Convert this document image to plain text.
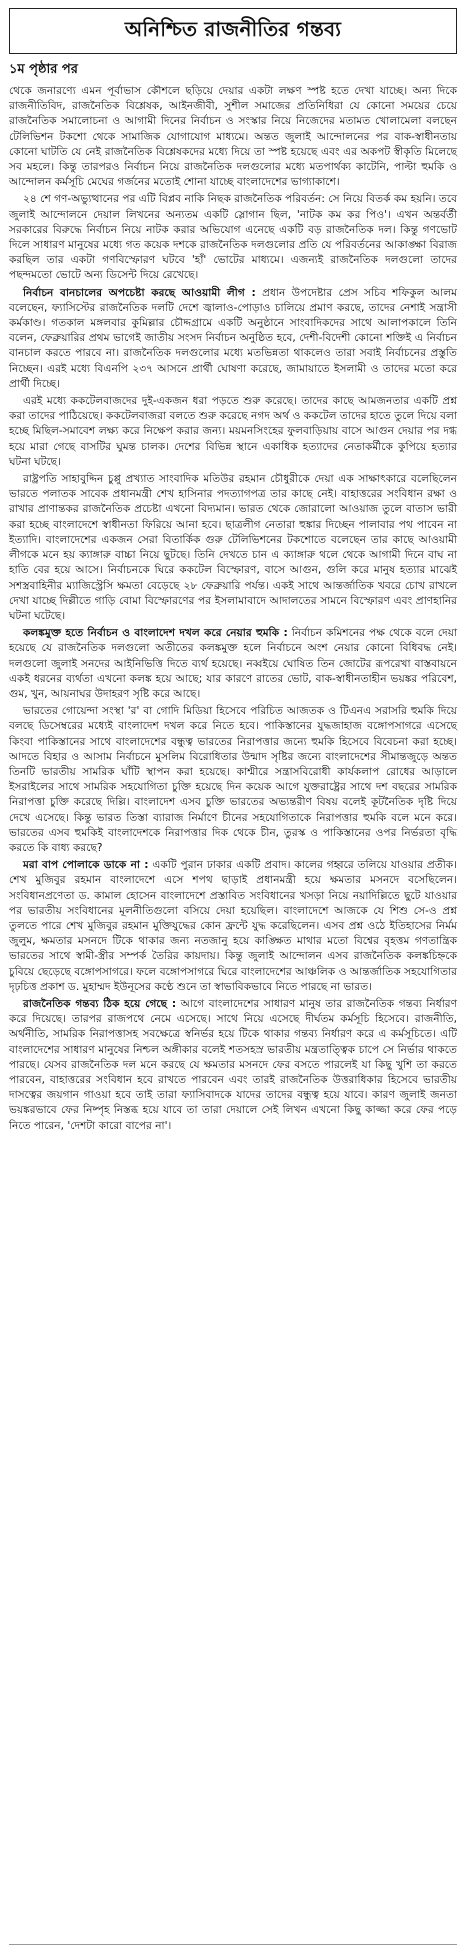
অনিশ্চিত রাজনীতির গন্তব্য
১ম পৃষ্ঠার পর

থেকে জনারণ্যে এমন পূর্বাভাস কৌশলে ছড়িয়ে দেয়ার একটা লক্ষণ স্পষ্ট হতে দেখা যাচ্ছে। অন্য দিকে রাজনীতিবিদ, রাজনৈতিক বিশ্লেষক, আইনজীবী, সুশীল সমাজের প্রতিনিধিরা যে কোনো সময়ের চেয়ে রাজনৈতিক সমালোচনা ও আগামী দিনের নির্বাচন ও সংস্কার নিয়ে নিজেদের মতামত খোলামেলা বলছেন টেলিভিশন টকশো থেকে সামাজিক যোগাযোগ মাধ্যমে। অন্তত জুলাই আন্দোলনের পর বাক-স্বাধীনতায় কোনো ঘাটতি যে নেই রাজনৈতিক বিশ্লেষকদের মধ্যে দিয়ে তা স্পষ্ট হয়েছে এবং এর অকপট স্বীকৃতি মিলেছে সব মহলে। কিন্তু তারপরও নির্বাচন নিয়ে রাজনৈতিক দলগুলোর মধ্যে মতপার্থক্য কাটেনি, পাল্টা হুমকি ও আন্দোলন কর্মসূচি মেঘের গর্জনের মতোই শোনা যাচ্ছে বাংলাদেশের ভাগ্যাকাশে।

২৪ শে গণ-অভ্যুত্থানের পর এটি বিপ্লব নাকি নিছক রাজনৈতিক পরিবর্তন: সে নিয়ে বিতর্ক কম হয়নি। তবে জুলাই আন্দোলনে দেয়াল লিখনের অন্যতম একটি স্লোগান ছিল, 'নাটক কম কর পিও'। এখন অন্তর্বর্তী সরকারের বিরুদ্ধে নির্বাচন নিয়ে নাটক করার অভিযোগ এনেছে একটি বড় রাজনৈতিক দল। কিন্তু গণভোট দিলে সাধারণ মানুষের মধ্যে গত কয়েক দশকে রাজনৈতিক দলগুলোর প্রতি যে পরিবর্তনের আকাঙ্ক্ষা বিরাজ করছিল তার একটা গণবিস্ফোরণ ঘটবে 'হাঁ' ভোটের মাধ্যমে। এজন্যই রাজনৈতিক দলগুলো তাদের পছন্দমতো ভোটে অন্য ডিসেন্ট দিয়ে রেখেছে।

নির্বাচন বানচালের অপচেষ্টা করছে আওয়ামী লীগ : প্রধান উপদেষ্টার প্রেস সচিব শফিকুল আলম বলেছেন, ফ্যাসিস্টের রাজনৈতিক দলটি দেশে জ্বালাও-পোড়াও চালিয়ে প্রমাণ করছে, তাদের নেশাই সন্ত্রাসী কর্মকাণ্ড। গতকাল মঙ্গলবার কুমিল্লার চৌদ্দগ্রামে একটি অনুষ্ঠানে সাংবাদিকদের সাথে আলাপকালে তিনি বলেন, ফেব্রুয়ারির প্রথম ভাগেই জাতীয় সংসদ নির্বাচন অনুষ্ঠিত হবে, দেশী-বিদেশী কোনো শক্তিই এ নির্বাচন বানচাল করতে পারবে না। রাজনৈতিক দলগুলোর মধ্যে মতভিন্নতা থাকলেও তারা সবাই নির্বাচনের প্রস্তুতি নিচ্ছেন। এরই মধ্যে বিএনপি ২৩৭ আসনে প্রার্থী ঘোষণা করেছে, জামায়াতে ইসলামী ও তাদের মতো করে প্রার্থী দিচ্ছে।

এরই মধ্যে ককটেলবাজদের দুই-একজন ধরা পড়তে শুরু করেছে। তাদের কাছে আমজনতার একটি প্রশ্ন করা তাদের পাঠিয়েছে। ককটেলবাজরা বলতে শুরু করেছে নগদ অর্থ ও ককটেল তাদের হাতে তুলে দিয়ে বলা হচ্ছে মিছিল-সমাবেশ লক্ষ্য করে নিক্ষেপ করার জন্য। ময়মনসিংহের ফুলবাড়িয়ায় বাসে আগুন দেয়ার পর দগ্ধ হয়ে মারা গেছে বাসটির ঘুমন্ত চালক। দেশের বিভিন্ন স্থানে একাধিক হত্যাদের নেতাকর্মীকে কুপিয়ে হত্যার ঘটনা ঘটছে।

রাষ্ট্রপতি সাহাবুদ্দিন চুপ্পু প্রখ্যাত সাংবাদিক মতিউর রহমান চৌধুরীকে দেয়া এক সাক্ষাৎকারে বলেছিলেন ভারতে পলাতক সাবেক প্রধানমন্ত্রী শেখ হাসিনার পদত্যাগপত্র তার কাছে নেই। বাহাত্তরের সংবিধান রক্ষা ও রাখার প্রাণান্তকর রাজনৈতিক প্রচেষ্টা এখনো বিদ্যমান। ভারত থেকে জোরালো আওয়াজ তুলে বাতাস ভারী করা হচ্ছে বাংলাদেশে স্বাধীনতা ফিরিয়ে আনা হবে। ছাত্রলীগ নেতারা হুঙ্কার দিচ্ছেন পালাবার পথ পাবেন না ইত্যাদি। বাংলাদেশের একজন সেরা বিতার্কিক গুরু টেলিভিশনের টকশোতে বলেছেন তার কাছে আওয়ামী লীগকে মনে হয় ক্যাঙ্গারু বাচ্চা নিয়ে ছুটছে। তিনি দেখতে চান এ ক্যাঙ্গারু থলে থেকে আগামী দিনে বাঘ না হাতি বের হয়ে আসে। নির্বাচনকে ঘিরে ককটেল বিস্ফোরণ, বাসে আগুন, গুলি করে মানুষ হত্যার মাঝেই সশস্ত্রবাহিনীর ম্যাজিস্ট্রেসি ক্ষমতা বেড়েছে ২৮ ফেব্রুয়ারি পর্যন্ত। একই সাথে আন্তর্জাতিক খবরে চোখ রাখলে দেখা যাচ্ছে দিল্লীতে গাড়ি বোমা বিস্ফোরণের পর ইসলামাবাদে আদালতের সামনে বিস্ফোরণ এবং প্রাণহানির ঘটনা ঘটেছে।

কলঙ্কমুক্ত হতে নির্বাচন ও বাংলাদেশ দখল করে নেয়ার হুমকি : নির্বাচন কমিশনের পক্ষ থেকে বলে দেয়া হয়েছে যে রাজনৈতিক দলগুলো অতীতের কলঙ্কমুক্ত হলে নির্বাচনে অংশ নেয়ার কোনো বিধিবদ্ধ নেই। দলগুলো জুলাই সনদের আইনিভিত্তি দিতে ব্যর্থ হয়েছে। নব্বইয়ে ঘোষিত তিন জোটের রূপরেখা বাস্তবায়নে একই ধরনের ব্যর্থতা এখনো কলঙ্ক হয়ে আছে; যার কারণে রাতের ভোট, বাক-স্বাধীনতাহীন ভয়ঙ্কর পরিবেশ, গুম, খুন, আয়নাঘর উদাহরণ সৃষ্টি করে আছে।

ভারতের গোয়েন্দা সংস্থা 'র' বা গোদি মিডিয়া হিসেবে পরিচিত আজতক ও টিএনএ সরাসরি হুমকি দিয়ে বলছে ডিসেম্বরের মধ্যেই বাংলাদেশ দখল করে নিতে হবে। পাকিস্তানের যুদ্ধজাহাজ বঙ্গোপসাগরে এসেছে কিংবা পাকিস্তানের সাথে বাংলাদেশের বন্ধুত্ব ভারতের নিরাপত্তার জন্যে হুমকি হিসেবে বিবেচনা করা হচ্ছে। আদতে বিহার ও আসাম নির্বাচনে মুসলিম বিরোধিতার উন্মাদ সৃষ্টির জন্যে বাংলাদেশের সীমান্তজুড়ে অন্তত তিনটি ভারতীয় সামরিক ঘাঁটি স্থাপন করা হয়েছে। কাশ্মীরে সন্ত্রাসবিরোধী কার্যকলাপ রোধের আড়ালে ইসরাইলের সাথে সামরিক সহযোগিতা চুক্তি হয়েছে দিন কয়েক আগে যুক্তরাষ্ট্রের সাথে দশ বছরের সামরিক নিরাপত্তা চুক্তি করেছে দিল্লি। বাংলাদেশ এসব চুক্তি ভারতের অভ্যন্তরীণ বিষয় বলেই কূটনৈতিক দৃষ্টি দিয়ে দেখে এসেছে। কিন্তু ভারত তিস্তা ব্যারাজ নির্মাণে চীনের সহযোগিতাকে নিরাপত্তার হুমকি বলে মনে করে। ভারতের এসব হুমকিই বাংলাদেশকে নিরাপত্তার দিক থেকে চীন, তুরস্ক ও পাকিস্তানের ওপর নির্ভরতা বৃদ্ধি করতে কি বাধ্য করছে?

মরা বাপ পোলাকে ডাকে না : একটি পুরান ঢাকার একটি প্রবাদ। কালের গহ্বরে তলিয়ে যাওয়ার প্রতীক। শেখ মুজিবুর রহমান বাংলাদেশে এসে শপথ ছাড়াই প্রধানমন্ত্রী হয়ে ক্ষমতার মসনদে বসেছিলেন। সংবিধানপ্রণেতা ড. কামাল হোসেন বাংলাদেশে প্রস্তাবিত সংবিধানের খসড়া নিয়ে নয়াদিল্লিতে ছুটে যাওয়ার পর ভারতীয় সংবিধানের মূলনীতিগুলো বসিয়ে দেয়া হয়েছিল। বাংলাদেশে আজকে যে শিশু সে-ও প্রশ্ন তুলতে পারে শেখ মুজিবুর রহমান মুক্তিযুদ্ধের কোন ফ্রন্টে যুদ্ধ করেছিলেন। এসব প্রশ্ন ওঠে ইতিহাসের নির্মম জুলুম, ক্ষমতার মসনদে টিকে থাকার জন্য নতজানু হয়ে কাঙ্ক্ষিত মাথার মতো বিশ্বের বৃহত্তম গণতান্ত্রিক ভারতের সাথে স্বামী-স্ত্রীর সম্পর্ক তৈরির কায়দায়। কিন্তু জুলাই আন্দোলন এসব রাজনৈতিক কলঙ্কচিহ্নকে চুবিয়ে ছেড়েছে বঙ্গোপসাগরে। ফলে বঙ্গোপসাগরে ঘিরে বাংলাদেশের আঞ্চলিক ও আন্তর্জাতিক সহযোগিতার দৃঢ়চিত্ত প্রকাশ ড. মুহাম্মদ ইউনূসের কণ্ঠে শুনে তা স্বাভাবিকভাবে নিতে পারছে না ভারত।

রাজনৈতিক গন্তব্য ঠিক হয়ে গেছে : আগে বাংলাদেশের সাধারণ মানুষ তার রাজনৈতিক গন্তব্য নির্ধারণ করে দিয়েছে। তারপর রাজপথে নেমে এসেছে। সাথে নিয়ে এসেছে দীর্ঘতম কর্মসূচি হিসেবে। রাজনীতি, অর্থনীতি, সামরিক নিরাপত্তাসহ সবক্ষেত্রে স্বনির্ভর হয়ে টিকে থাকার গন্তব্য নির্ধারণ করে এ কর্মসূচিতে। এটি বাংলাদেশের সাধারণ মানুষের নিশ্চল অঙ্গীকার বলেই শতসহস্র ভারতীয় মন্ত্রতাত্ত্বিক চাপে সে নির্ভার থাকতে পারছে। যেসব রাজনৈতিক দল মনে করছে যে ক্ষমতার মসনদে ফের বসতে পারলেই যা কিছু খুশি তা করতে পারবেন, বাহাত্তরের সংবিধান হবে রাখতে পারবেন এবং তারই রাজনৈতিক উত্তরাধিকার হিসেবে ভারতীয় দাসত্বের জয়গান গাওয়া হবে তাই তারা ফ্যাসিবাদকে যাদের তাদের বন্ধুত্ব হয়ে যাবে। কারণ জুলাই জনতা ভয়ঙ্করভাবে ফের নিষ্পৃহ নিস্তব্ধ হয়ে যাবে তা তারা দেয়ালে সেই লিখন এখনো কিছু কাজ্জা করে ফের পড়ে নিতে পারেন, 'দেশটা কারো বাপের না'।
